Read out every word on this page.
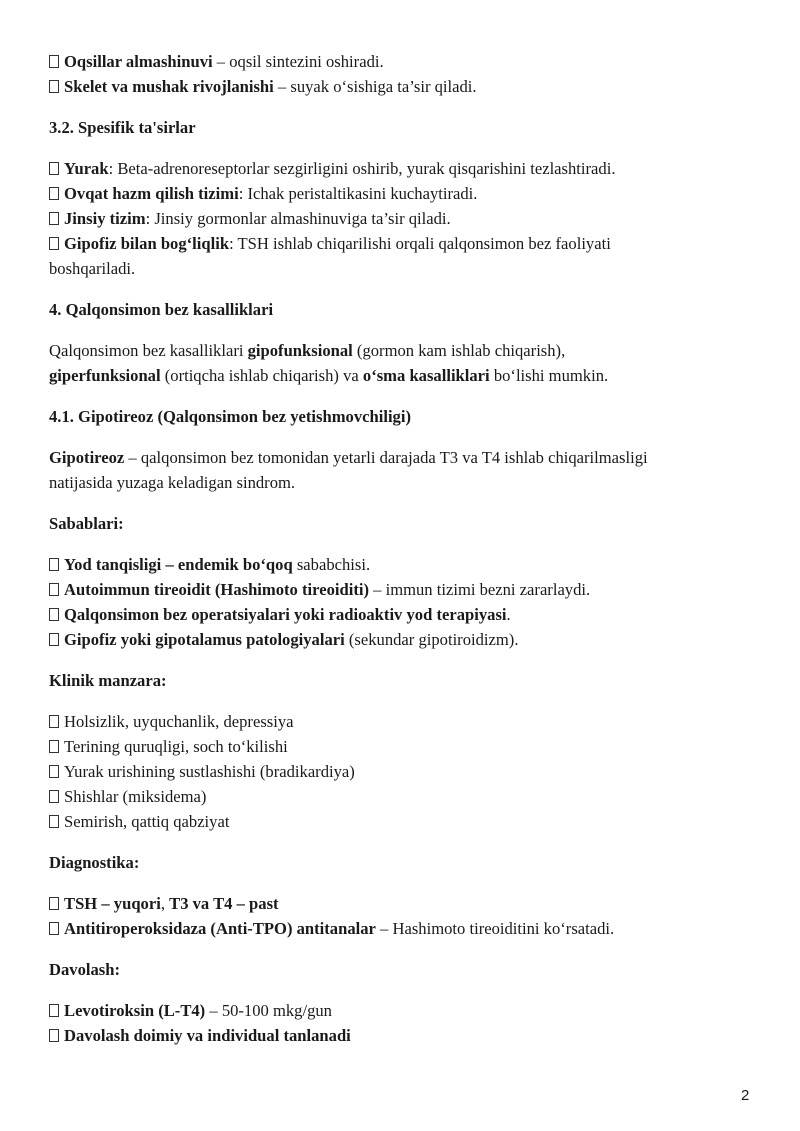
Oqsillar almashinuvi – oqsil sintezini oshiradi.

Skelet va mushak rivojlanishi – suyak o‘sishiga ta’sir qiladi.

3.2. Spesifik ta'sirlar

Yurak: Beta-adrenoreseptorlar sezgirligini oshirib, yurak qisqarishini tezlashtiradi.

Ovqat hazm qilish tizimi: Ichak peristaltikasini kuchaytiradi.

Jinsiy tizim: Jinsiy gormonlar almashinuviga ta’sir qiladi.

Gipofiz bilan bog‘liqlik: TSH ishlab chiqarilishi orqali qalqonsimon bez faoliyati

boshqariladi.

4. Qalqonsimon bez kasalliklari

Qalqonsimon bez kasalliklari gipofunksional (gormon kam ishlab chiqarish),

giperfunksional (ortiqcha ishlab chiqarish) va o‘sma kasalliklari bo‘lishi mumkin.

4.1. Gipotireoz (Qalqonsimon bez yetishmovchiligi)

Gipotireoz – qalqonsimon bez tomonidan yetarli darajada T3 va T4 ishlab chiqarilmasligi

natijasida yuzaga keladigan sindrom.

Sabablari:

Yod tanqisligi – endemik bo‘qoq sababchisi.

Autoimmun tireoidit (Hashimoto tireoiditi) – immun tizimi bezni zararlaydi.

Qalqonsimon bez operatsiyalari yoki radioaktiv yod terapiyasi.

Gipofiz yoki gipotalamus patologiyalari (sekundar gipotiroidizm).

Klinik manzara:

Holsizlik, uyquchanlik, depressiya

Terining quruqligi, soch to‘kilishi

Yurak urishining sustlashishi (bradikardiya)

Shishlar (miksidema)

Semirish, qattiq qabziyat

Diagnostika:

TSH – yuqori, T3 va T4 – past

Antitiroperoksidaza (Anti-TPO) antitanalar – Hashimoto tireoiditini ko‘rsatadi.

Davolash:

Levotiroksin (L-T4) – 50-100 mkg/gun

Davolash doimiy va individual tanlanadi

2
